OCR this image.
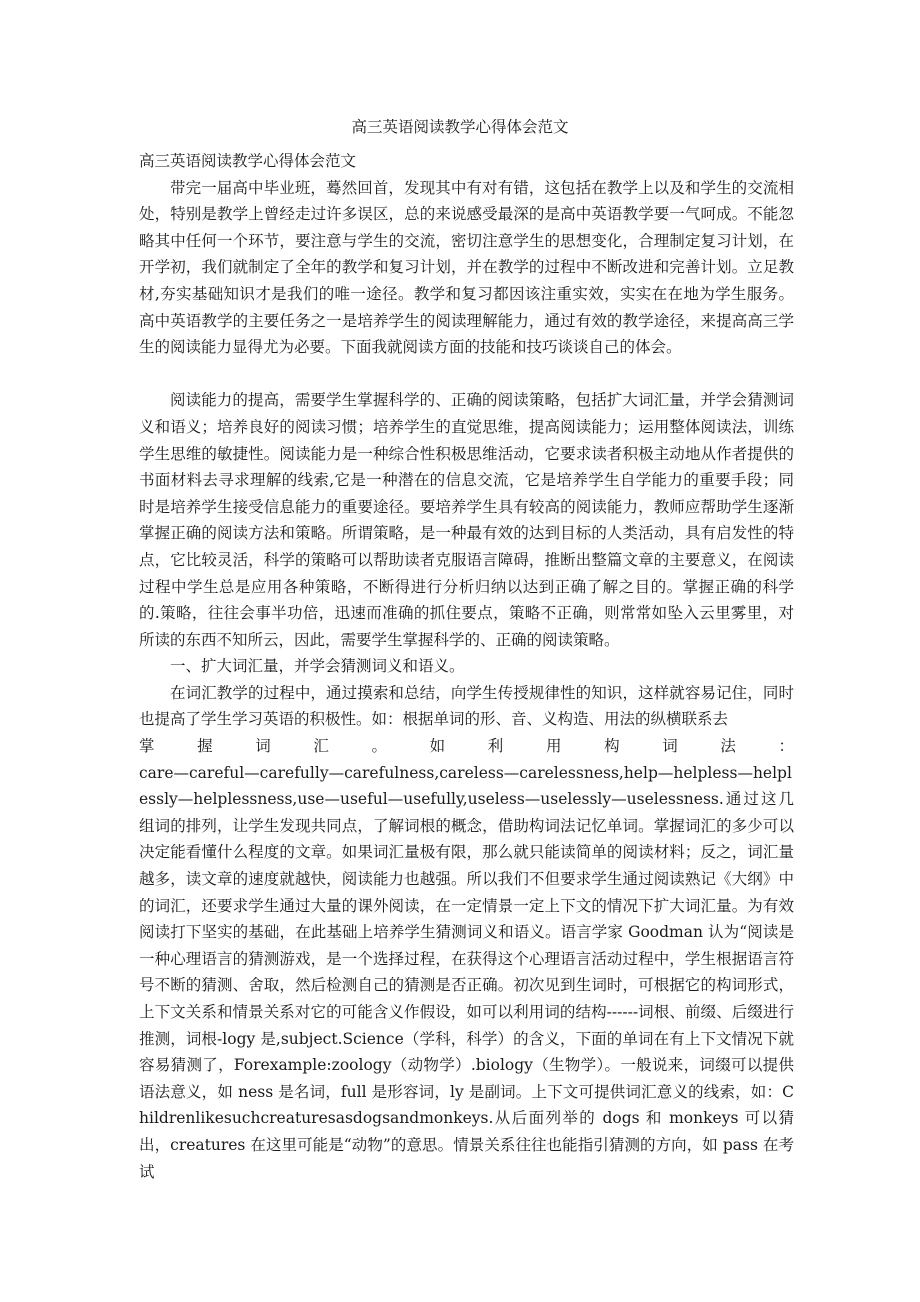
高三英语阅读教学心得体会范文

高三英语阅读教学心得体会范文

带完一届高中毕业班，蓦然回首，发现其中有对有错，这包括在教学上以及和学生的交流相处，特别是教学上曾经走过许多误区，总的来说感受最深的是高中英语教学要一气呵成。不能忽略其中任何一个环节，要注意与学生的交流，密切注意学生的思想变化，合理制定复习计划，在开学初，我们就制定了全年的教学和复习计划，并在教学的过程中不断改进和完善计划。立足教材,夯实基础知识才是我们的唯一途径。教学和复习都因该注重实效，实实在在地为学生服务。高中英语教学的主要任务之一是培养学生的阅读理解能力，通过有效的教学途径，来提高高三学生的阅读能力显得尤为必要。下面我就阅读方面的技能和技巧谈谈自己的体会。

阅读能力的提高，需要学生掌握科学的、正确的阅读策略，包括扩大词汇量，并学会猜测词义和语义；培养良好的阅读习惯；培养学生的直觉思维，提高阅读能力；运用整体阅读法，训练学生思维的敏捷性。阅读能力是一种综合性积极思维活动，它要求读者积极主动地从作者提供的书面材料去寻求理解的线索,它是一种潜在的信息交流，它是培养学生自学能力的重要手段；同时是培养学生接受信息能力的重要途径。要培养学生具有较高的阅读能力，教师应帮助学生逐渐掌握正确的阅读方法和策略。所谓策略，是一种最有效的达到目标的人类活动，具有启发性的特点，它比较灵活，科学的策略可以帮助读者克服语言障碍，推断出整篇文章的主要意义，在阅读过程中学生总是应用各种策略，不断得进行分析归纳以达到正确了解之目的。掌握正确的科学的.策略，往往会事半功倍，迅速而准确的抓住要点，策略不正确，则常常如坠入云里雾里，对所读的东西不知所云，因此，需要学生掌握科学的、正确的阅读策略。

一、扩大词汇量，并学会猜测词义和语义。

在词汇教学的过程中，通过摸索和总结，向学生传授规律性的知识，这样就容易记住，同时也提高了学生学习英语的积极性。如：根据单词的形、音、义构造、用法的纵横联系去

掌握词汇。如利用构词法：

care—careful—carefully—carefulness,careless—carelessness,help—helpless—helplessly—helplessness,use—useful—usefully,useless—uselessly—uselessness.通过这几组词的排列，让学生发现共同点，了解词根的概念，借助构词法记忆单词。掌握词汇的多少可以决定能看懂什么程度的文章。如果词汇量极有限，那么就只能读简单的阅读材料；反之，词汇量越多，读文章的速度就越快，阅读能力也越强。所以我们不但要求学生通过阅读熟记《大纲》中的词汇，还要求学生通过大量的课外阅读，在一定情景一定上下文的情况下扩大词汇量。为有效阅读打下坚实的基础，在此基础上培养学生猜测词义和语义。语言学家 Goodman 认为“阅读是一种心理语言的猜测游戏，是一个选择过程，在获得这个心理语言活动过程中，学生根据语言符号不断的猜测、舍取，然后检测自己的猜测是否正确。初次见到生词时，可根据它的构词形式，上下文关系和情景关系对它的可能含义作假设，如可以利用词的结构------词根、前缀、后缀进行推测，词根-logy 是,subject.Science（学科，科学）的含义，下面的单词在有上下文情况下就容易猜测了，Forexample:zoology（动物学）.biology（生物学）。一般说来，词缀可以提供语法意义，如 ness 是名词，full 是形容词，ly 是副词。上下文可提供词汇意义的线索，如：Childrenlikesuchcreaturesasdogsandmonkeys.从后面列举的 dogs 和 monkeys 可以猜出，creatures 在这里可能是“动物”的意思。情景关系往往也能指引猜测的方向，如 pass 在考试
